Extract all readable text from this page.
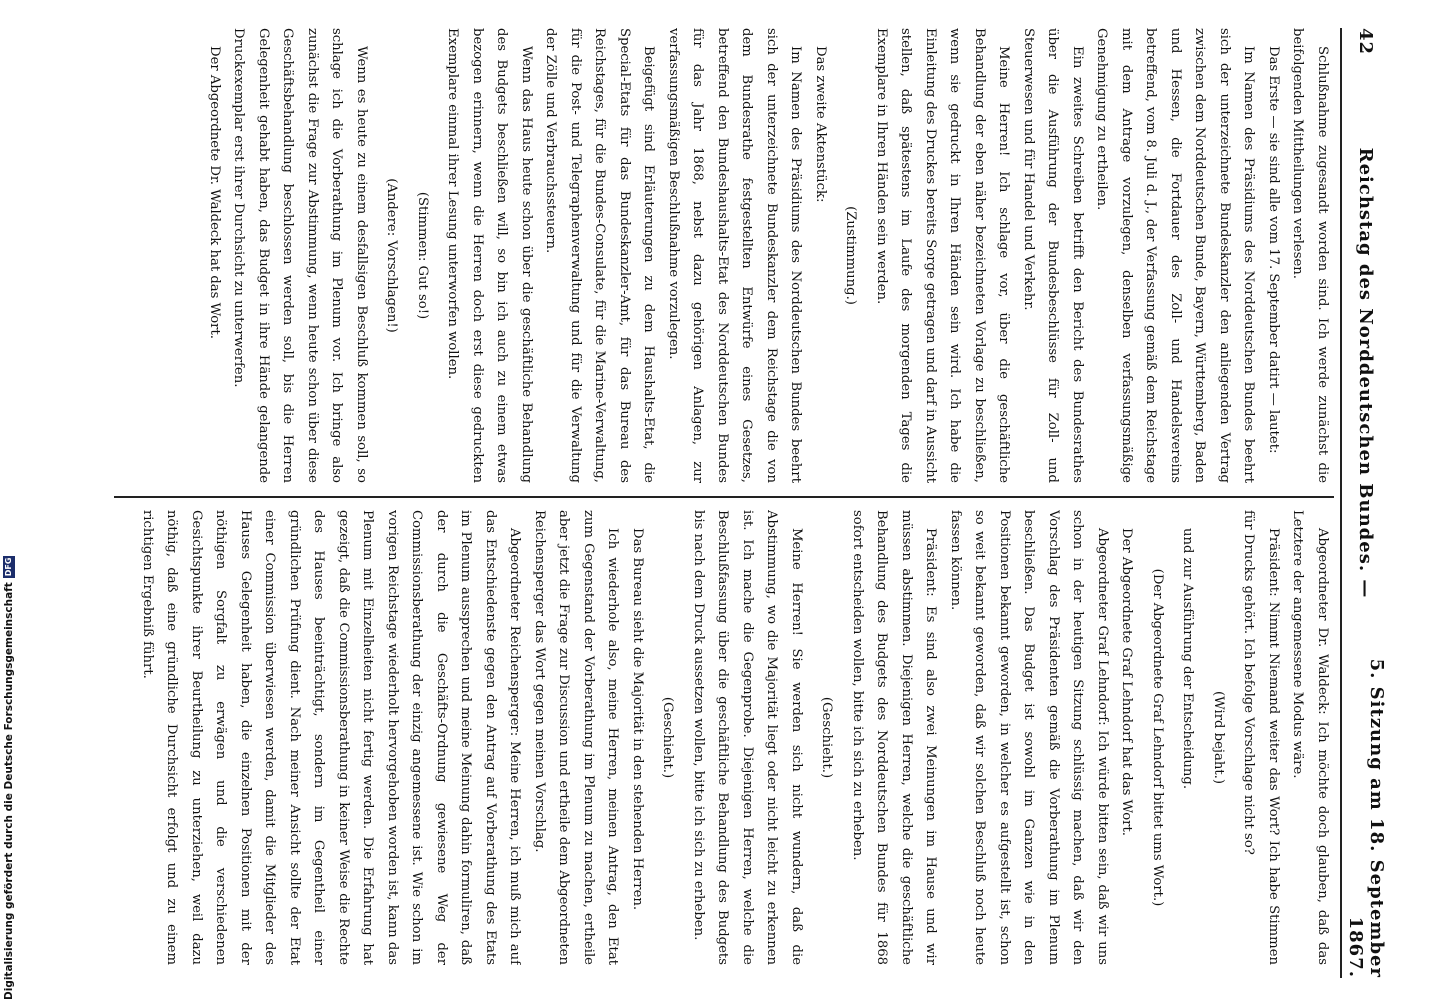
42
Reichstag des Norddeutschen Bundes. —
5. Sitzung am 18. September 1867.

Schlußnahme zugesandt worden sind. Ich werde zunächst die beifolgenden Mittheilungen verlesen.

Das Erste — sie sind alle vom 17. September datirt — lautet:

Im Namen des Präsidiums des Norddeutschen Bundes beehrt sich der unterzeichnete Bundeskanzler den anliegenden Vertrag zwischen dem Norddeutschen Bunde, Bayern, Württemberg, Baden und Hessen, die Fortdauer des Zoll- und Handelsvereins betreffend, vom 8. Juli d. J., der Verfassung gemäß dem Reichstage mit dem Antrage vorzulegen, denselben verfassungsmäßige Genehmigung zu ertheilen.

Ein zweites Schreiben betrifft den Bericht des Bundesrathes über die Ausführung der Bundesbeschlüsse für Zoll- und Steuerwesen und für Handel und Verkehr.

Meine Herren! Ich schlage vor, über die geschäftliche Behandlung der eben näher bezeichneten Vorlage zu beschließen, wenn sie gedruckt in Ihren Händen sein wird. Ich habe die Einleitung des Druckes bereits Sorge getragen und darf in Aussicht stellen, daß spätestens im Laufe des morgenden Tages die Exemplare in Ihren Händen sein werden.

(Zustimmung.)

Das zweite Aktenstück:

Im Namen des Präsidiums des Norddeutschen Bundes beehrt sich der unterzeichnete Bundeskanzler dem Reichstage die von dem Bundesrathe festgestellten Entwürfe eines Gesetzes, betreffend den Bundeshaushalts-Etat des Norddeutschen Bundes für das Jahr 1868, nebst dazu gehörigen Anlagen, zur verfassungsmäßigen Beschlußnahme vorzulegen.

Beigefügt sind Erläuterungen zu dem Haushalts-Etat, die Special-Etats für das Bundeskanzler-Amt, für das Bureau des Reichstages, für die Bundes-Consulate, für die Marine-Verwaltung, für die Post- und Telegraphenverwaltung und für die Verwaltung der Zölle und Verbrauchssteuern.

Wenn das Haus heute schon über die geschäftliche Behandlung des Budgets beschließen will, so bin ich auch zu einem etwas bezogen erinnern, wenn die Herren doch erst diese gedruckten Exemplare einmal ihrer Lesung unterworfen wollen.

(Stimmen: Gut so!)

(Andere: Vorschlagen!)

Wenn es heute zu einem desfallsigen Beschluß kommen soll, so schlage ich die Vorberathung im Plenum vor. Ich bringe also zunächst die Frage zur Abstimmung, wenn heute schon über diese Geschäftsbehandlung beschlossen werden soll, bis die Herren Gelegenheit gehabt haben, das Budget in ihre Hände gelangende Druckexemplar erst ihrer Durchsicht zu unterwerfen.

Der Abgeordnete Dr. Waldeck hat das Wort.

Abgeordneter Dr. Waldeck: Ich möchte doch glauben, daß das Letztere der angemessene Modus wäre.

Präsident: Nimmt Niemand weiter das Wort? Ich habe Stimmen für Drucks gehört. Ich befolge Vorschlage nicht so?

(Wird bejaht.)

und zur Ausführung der Entscheidung.

(Der Abgeordnete Graf Lehndorf bittet ums Wort.)

Der Abgeordnete Graf Lehndorf hat das Wort.

Abgeordneter Graf Lehndorf: Ich würde bitten sein, daß wir uns schon in der heutigen Sitzung schlüssig machen, daß wir den Vorschlag des Präsidenten gemäß die Vorberathung im Plenum beschließen. Das Budget ist sowohl im Ganzen wie in den Positionen bekannt geworden, in welcher es aufgestellt ist, schon so weit bekannt geworden, daß wir solchen Beschluß noch heute fassen können.

Präsident: Es sind also zwei Meinungen im Hause und wir müssen abstimmen. Diejenigen Herren, welche die geschäftliche Behandlung des Budgets des Norddeutschen Bundes für 1868 sofort entscheiden wollen, bitte ich sich zu erheben.

(Geschieht.)

Meine Herren! Sie werden sich nicht wundern, daß die Abstimmung, wo die Majorität liegt oder nicht leicht zu erkennen ist. Ich mache die Gegenprobe. Diejenigen Herren, welche die Beschlußfassung über die geschäftliche Behandlung des Budgets bis nach dem Druck aussetzen wollen, bitte ich sich zu erheben.

(Geschieht.)

Das Bureau sieht die Majorität in den stehenden Herren.

Ich wiederhole also, meine Herren, meinen Antrag, den Etat zum Gegenstand der Vorberathung im Plenum zu machen, ertheile aber jetzt die Frage zur Discussion und ertheile dem Abgeordneten Reichensperger das Wort gegen meinen Vorschlag.

Abgeordneter Reichensperger: Meine Herren, ich muß mich auf das Entschiedenste gegen den Antrag auf Vorberathung des Etats im Plenum aussprechen und meine Meinung dahin formuliren, daß der durch die Geschäfts-Ordnung gewiesene Weg der Commissionsberathung der einzig angemessene ist. Wie schon im vorigen Reichstage wiederholt hervorgehoben worden ist, kann das Plenum mit Einzelheiten nicht fertig werden. Die Erfahrung hat gezeigt, daß die Commissionsberathung in keiner Weise die Rechte des Hauses beeinträchtigt, sondern im Gegentheil einer gründlichen Prüfung dient. Nach meiner Ansicht sollte der Etat einer Commission überwiesen werden, damit die Mitglieder des Hauses Gelegenheit haben, die einzelnen Positionen mit der nöthigen Sorgfalt zu erwägen und die verschiedenen Gesichtspunkte ihrer Beurtheilung zu unterziehen, weil dazu nöthig, daß eine gründliche Durchsicht erfolgt und zu einem richtigen Ergebniß führt.

Digitalisierung gefördert durch die Deutsche Forschungsgemeinschaft
DFG
